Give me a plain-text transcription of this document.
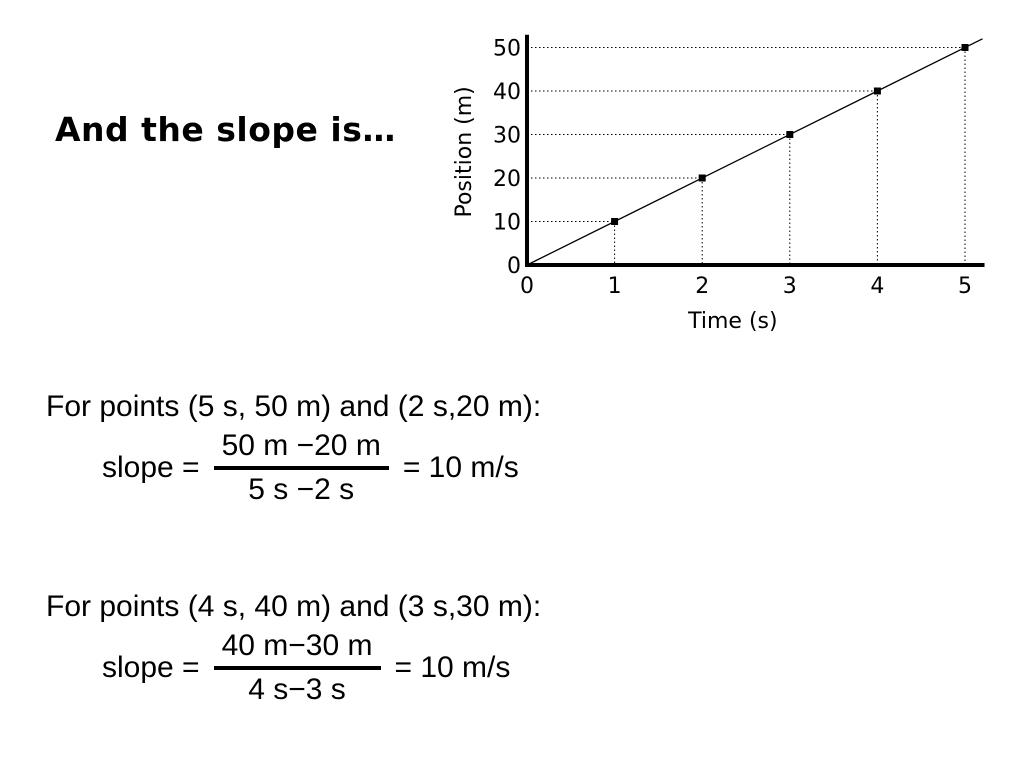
And the slope is…
0	1	2	3	4	5
0
10
20
30
40
50
Time (s)
Position (m)
For points (5 s, 50 m) and (2 s,20 m):
slope = $\frac{50 m -20 m}{5 s -2 s} = 10$ m/s
For points (4 s, 40 m) and (3 s,30 m):
slope = $\frac{40 m-30 m}{4 s-3 s} = 10$ m/s
